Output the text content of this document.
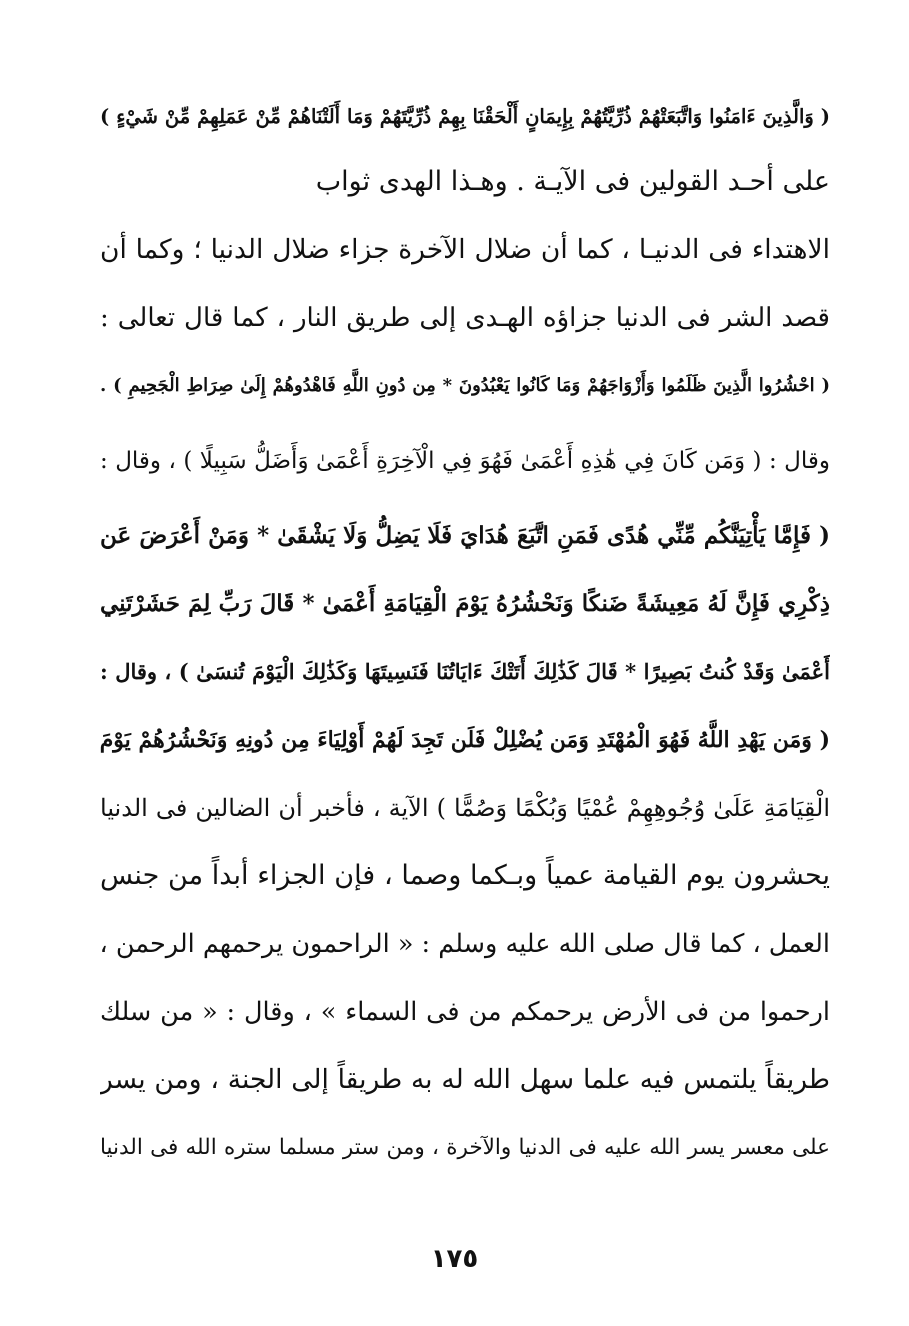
( وَالَّذِينَ ءَامَنُوا وَاتَّبَعَتْهُمْ ذُرِّيَّتُهُمْ بِإِيمَانٍ أَلْحَقْنَا بِهِمْ ذُرِّيَّتَهُمْ وَمَا أَلَتْنَاهُمْ مِّنْ عَمَلِهِمْ مِّنْ شَيْءٍ )
على أحـد القولين فى الآيـة . وهـذا الهدى ثواب
الاهتداء فى الدنيـا ، كما أن ضلال الآخرة جزاء ضلال الدنيا ؛ وكما أن
قصد الشر فى الدنيا جزاؤه الهـدى إلى طريق النار ، كما قال تعالى :
( احْشُرُوا الَّذِينَ ظَلَمُوا وَأَزْوَاجَهُمْ وَمَا كَانُوا يَعْبُدُونَ * مِن دُونِ اللَّهِ فَاهْدُوهُمْ إِلَىٰ صِرَاطِ الْجَحِيمِ ) .
وقال : ( وَمَن كَانَ فِي هَٰذِهِ أَعْمَىٰ فَهُوَ فِي الْآخِرَةِ أَعْمَىٰ وَأَضَلُّ سَبِيلًا ) ، وقال :
( فَإِمَّا يَأْتِيَنَّكُم مِّنِّي هُدًى فَمَنِ اتَّبَعَ هُدَايَ فَلَا يَضِلُّ وَلَا يَشْقَىٰ * وَمَنْ أَعْرَضَ عَن
ذِكْرِي فَإِنَّ لَهُ مَعِيشَةً ضَنكًا وَنَحْشُرُهُ يَوْمَ الْقِيَامَةِ أَعْمَىٰ * قَالَ رَبِّ لِمَ حَشَرْتَنِي
أَعْمَىٰ وَقَدْ كُنتُ بَصِيرًا * قَالَ كَذَٰلِكَ أَتَتْكَ ءَايَاتُنَا فَنَسِيتَهَا وَكَذَٰلِكَ الْيَوْمَ تُنسَىٰ ) ، وقال :
( وَمَن يَهْدِ اللَّهُ فَهُوَ الْمُهْتَدِ وَمَن يُضْلِلْ فَلَن تَجِدَ لَهُمْ أَوْلِيَاءَ مِن دُونِهِ وَنَحْشُرُهُمْ يَوْمَ
الْقِيَامَةِ عَلَىٰ وُجُوهِهِمْ عُمْيًا وَبُكْمًا وَصُمًّا ) الآية ، فأخبر أن الضالين فى الدنيا
يحشرون يوم القيامة عمياً وبـكما وصما ، فإن الجزاء أبداً من جنس
العمل ، كما قال صلى الله عليه وسلم : « الراحمون يرحمهم الرحمن ،
ارحموا من فى الأرض يرحمكم من فى السماء » ، وقال : « من سلك
طريقاً يلتمس فيه علما سهل الله له به طريقاً إلى الجنة ، ومن يسر
على معسر يسر الله عليه فى الدنيا والآخرة ، ومن ستر مسلما ستره الله فى الدنيا
١٧٥
